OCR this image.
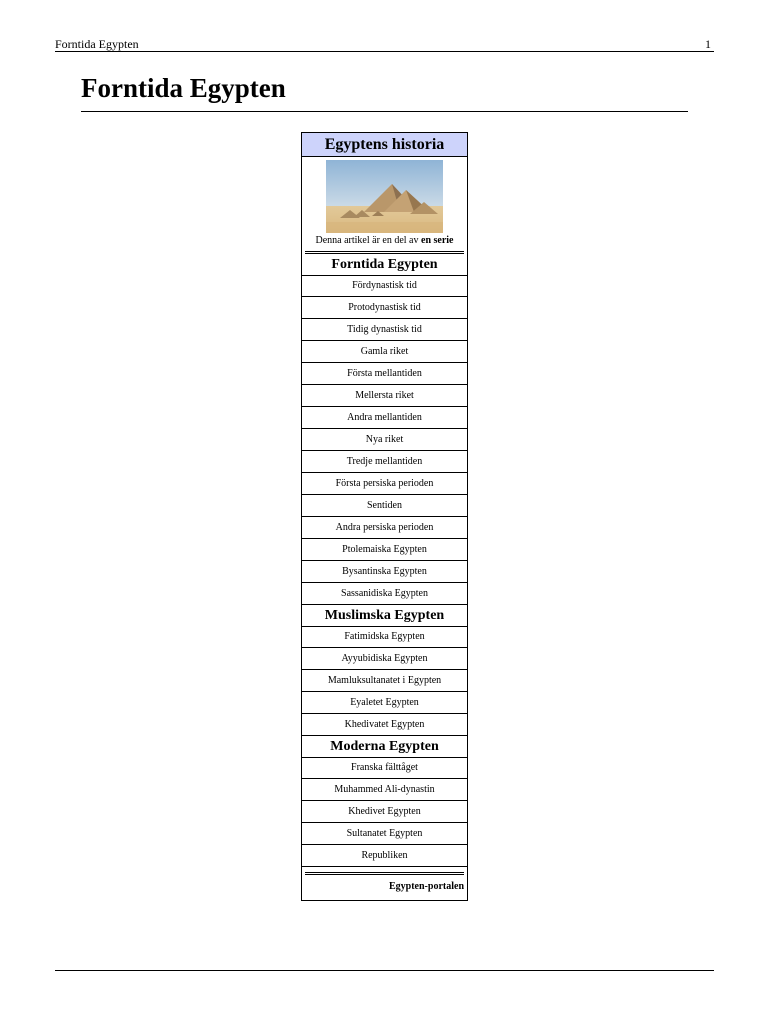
Forntida Egypten	1
Forntida Egypten
Egyptens historia
Denna artikel är en del av en serie
Forntida Egypten
Fördynastisk tid
Protodynastisk tid
Tidig dynastisk tid
Gamla riket
Första mellantiden
Mellersta riket
Andra mellantiden
Nya riket
Tredje mellantiden
Första persiska perioden
Sentiden
Andra persiska perioden
Ptolemaiska Egypten
Bysantinska Egypten
Sassanidiska Egypten
Muslimska Egypten
Fatimidska Egypten
Ayyubidiska Egypten
Mamluksultanatet i Egypten
Eyaletet Egypten
Khedivatet Egypten
Moderna Egypten
Franska fälttåget
Muhammed Ali-dynastin
Khedivet Egypten
Sultanatet Egypten
Republiken
Egypten-portalen
